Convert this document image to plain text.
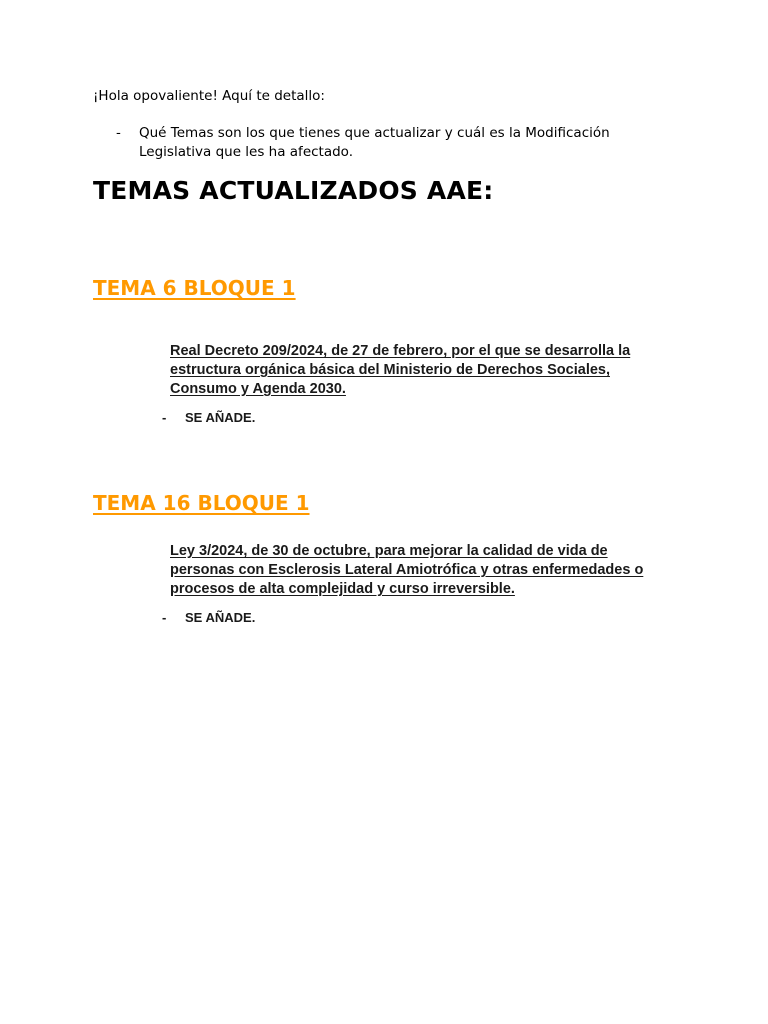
¡Hola opovaliente! Aquí te detallo:

- Qué Temas son los que tienes que actualizar y cuál es la Modificación Legislativa que les ha afectado.
TEMAS ACTUALIZADOS AAE:
TEMA 6 BLOQUE 1

Real Decreto 209/2024, de 27 de febrero, por el que se desarrolla la estructura orgánica básica del Ministerio de Derechos Sociales, Consumo y Agenda 2030.

- SE AÑADE.

TEMA 16 BLOQUE 1

Ley 3/2024, de 30 de octubre, para mejorar la calidad de vida de personas con Esclerosis Lateral Amiotrófica y otras enfermedades o procesos de alta complejidad y curso irreversible.

- SE AÑADE.
